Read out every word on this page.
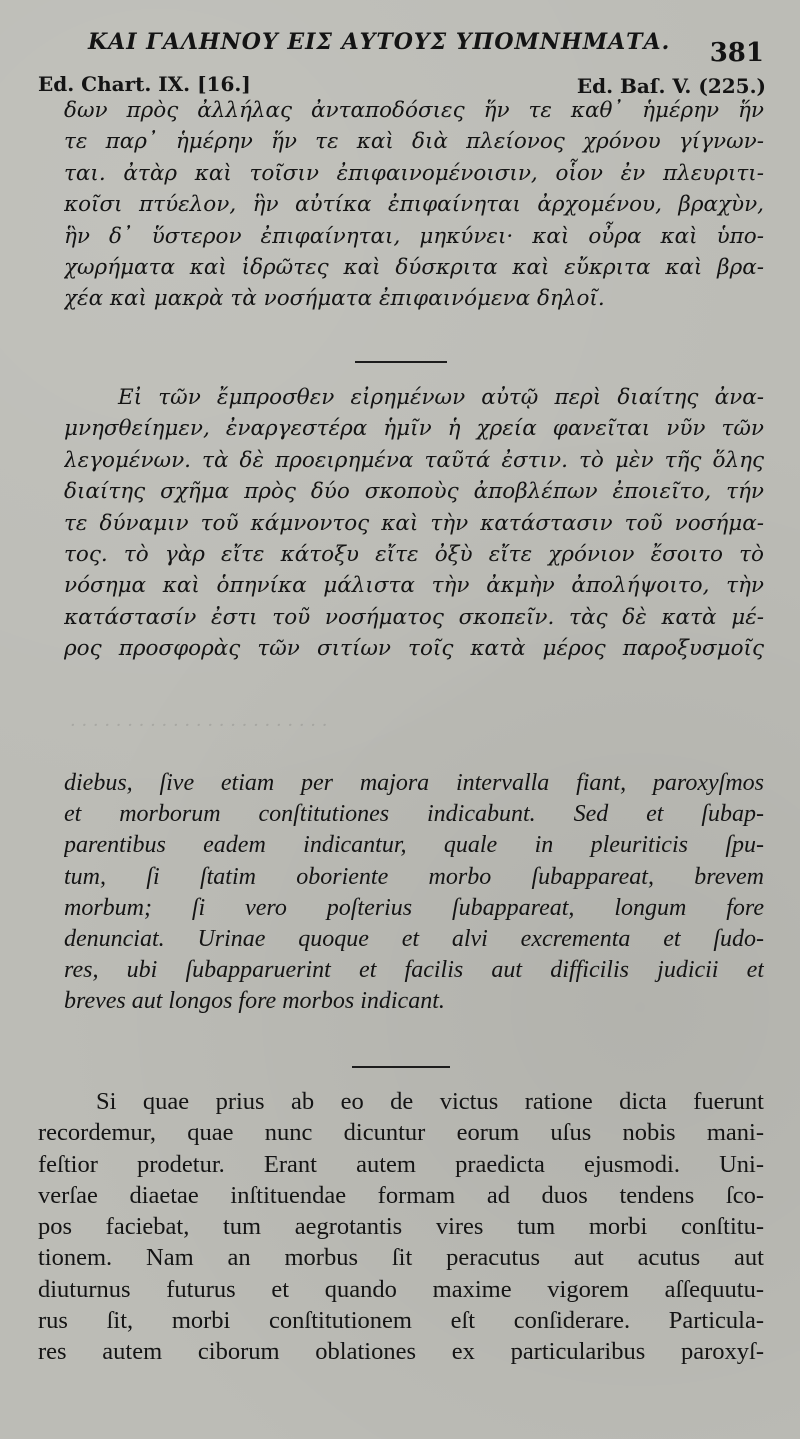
ΚΑΙ ΓΑΛΗΝΟΥ ΕΙΣ ΑΥΤΟΥΣ ΥΠΟΜΝΗΜΑΤΑ. 381
Ed. Chart. IX. [16.]	Ed. Baſ. V. (225.)
· · · · · · · · · · · · · · · · · · · · · · ·
δων πρὸς ἀλλήλας ἀνταποδόσιες ἥν τε καθ᾽ ἡμέρην ἥν
τε παρ᾽ ἡμέρην ἥν τε καὶ διὰ πλείονος χρόνου γίγνων-
ται. ἀτὰρ καὶ τοῖσιν ἐπιφαινομένοισιν, οἷον ἐν πλευριτι-
κοῖσι πτύελον, ἣν αὐτίκα ἐπιφαίνηται ἀρχομένου, βραχὺν,
ἣν δ᾽ ὕστερον ἐπιφαίνηται, μηκύνει· καὶ οὖρα καὶ ὑπο-
χωρήματα καὶ ἱδρῶτες καὶ δύσκριτα καὶ εὔκριτα καὶ βρα-
χέα καὶ μακρὰ τὰ νοσήματα ἐπιφαινόμενα δηλοῖ.
Εἰ τῶν ἔμπροσθεν εἰρημένων αὐτῷ περὶ διαίτης ἀνα-
μνησθείημεν, ἐναργεστέρα ἡμῖν ἡ χρεία φανεῖται νῦν τῶν
λεγομένων. τὰ δὲ προειρημένα ταῦτά ἐστιν. τὸ μὲν τῆς ὅλης
διαίτης σχῆμα πρὸς δύο σκοποὺς ἀποβλέπων ἐποιεῖτο, τήν
τε δύναμιν τοῦ κάμνοντος καὶ τὴν κατάστασιν τοῦ νοσήμα-
τος. τὸ γὰρ εἴτε κάτοξυ εἴτε ὀξὺ εἴτε χρόνιον ἔσοιτο τὸ
νόσημα καὶ ὁπηνίκα μάλιστα τὴν ἀκμὴν ἀπολήψοιτο, τὴν
κατάστασίν ἐστι τοῦ νοσήματος σκοπεῖν. τὰς δὲ κατὰ μέ-
ρος προσφορὰς τῶν σιτίων τοῖς κατὰ μέρος παροξυσμοῖς
diebus, ſive etiam per majora intervalla fiant, paroxyſmos
et morborum conſtitutiones indicabunt. Sed et ſubap-
parentibus eadem indicantur, quale in pleuriticis ſpu-
tum, ſi ſtatim oboriente morbo ſubappareat, brevem
morbum; ſi vero poſterius ſubappareat, longum fore
denunciat. Urinae quoque et alvi excrementa et ſudo-
res, ubi ſubapparuerint et facilis aut difficilis judicii et
breves aut longos fore morbos indicant.
Si quae prius ab eo de victus ratione dicta fuerunt
recordemur, quae nunc dicuntur eorum uſus nobis mani-
feſtior prodetur. Erant autem praedicta ejusmodi. Uni-
verſae diaetae inſtituendae formam ad duos tendens ſco-
pos faciebat, tum aegrotantis vires tum morbi conſtitu-
tionem. Nam an morbus ſit peracutus aut acutus aut
diuturnus futurus et quando maxime vigorem aſſequutu-
rus ſit, morbi conſtitutionem eſt conſiderare. Particula-
res autem ciborum oblationes ex particularibus paroxyſ-
